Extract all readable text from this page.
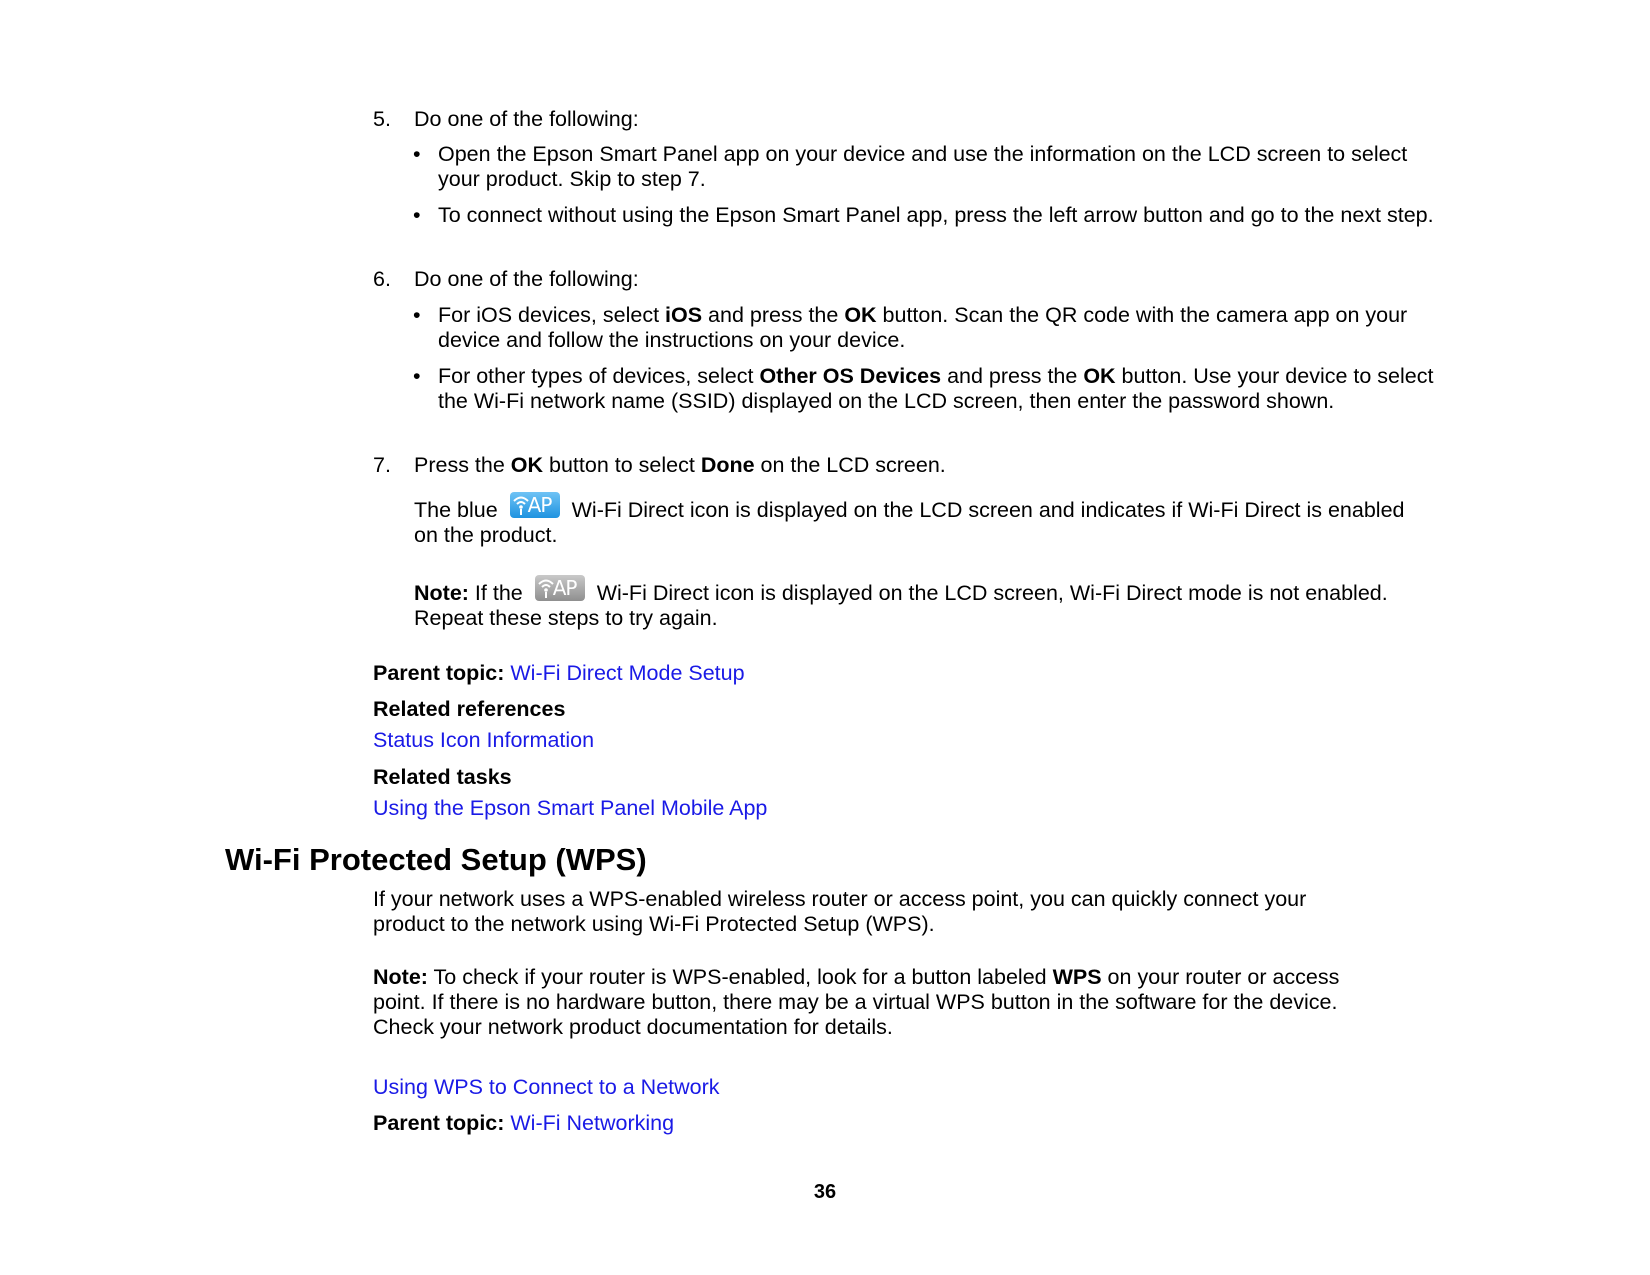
5. Do one of the following:
• Open the Epson Smart Panel app on your device and use the information on the LCD screen to select your product. Skip to step 7.
• To connect without using the Epson Smart Panel app, press the left arrow button and go to the next step.
6. Do one of the following:
• For iOS devices, select iOS and press the OK button. Scan the QR code with the camera app on your device and follow the instructions on your device.
• For other types of devices, select Other OS Devices and press the OK button. Use your device to select the Wi-Fi network name (SSID) displayed on the LCD screen, then enter the password shown.
7. Press the OK button to select Done on the LCD screen.
The blue AP Wi-Fi Direct icon is displayed on the LCD screen and indicates if Wi-Fi Direct is enabled on the product.
Note: If the AP Wi-Fi Direct icon is displayed on the LCD screen, Wi-Fi Direct mode is not enabled. Repeat these steps to try again.
Parent topic: Wi-Fi Direct Mode Setup
Related references
Status Icon Information
Related tasks
Using the Epson Smart Panel Mobile App
Wi-Fi Protected Setup (WPS)
If your network uses a WPS-enabled wireless router or access point, you can quickly connect your product to the network using Wi-Fi Protected Setup (WPS).
Note: To check if your router is WPS-enabled, look for a button labeled WPS on your router or access point. If there is no hardware button, there may be a virtual WPS button in the software for the device. Check your network product documentation for details.
Using WPS to Connect to a Network
Parent topic: Wi-Fi Networking
36
